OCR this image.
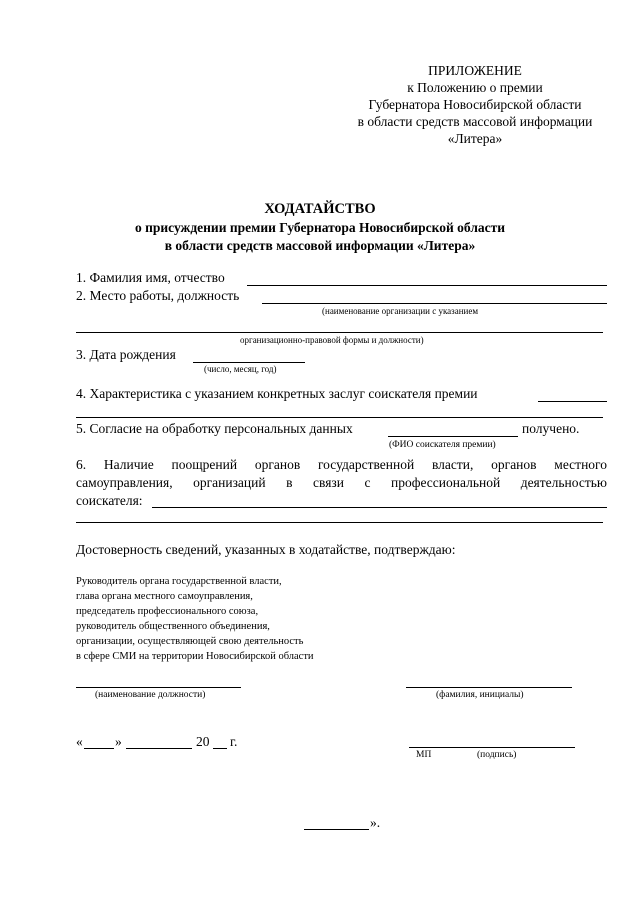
ПРИЛОЖЕНИЕ
к Положению о премии
Губернатора Новосибирской области
в области средств массовой информации
«Литера»
ХОДАТАЙСТВО
о присуждении премии Губернатора Новосибирской области
в области средств массовой информации «Литера»
1. Фамилия имя, отчество
2. Место работы, должность
(наименование организации с указанием
организационно-правовой формы и должности)
3. Дата рождения
(число, месяц, год)
4. Характеристика с указанием конкретных заслуг соискателя премии
5. Согласие на обработку персональных данных	получено.
(ФИО соискателя премии)
6. Наличие поощрений органов государственной власти, органов местного
самоуправления, организаций в связи с профессиональной деятельностью
соискателя:
Достоверность сведений, указанных в ходатайстве, подтверждаю:
Руководитель органа государственной власти,
глава органа местного самоуправления,
председатель профессионального союза,
руководитель общественного объединения,
организации, осуществляющей свою деятельность
в сфере СМИ на территории Новосибирской области
(наименование должности)	(фамилия, инициалы)
« »	20 г.
МП	(подпись)
».
